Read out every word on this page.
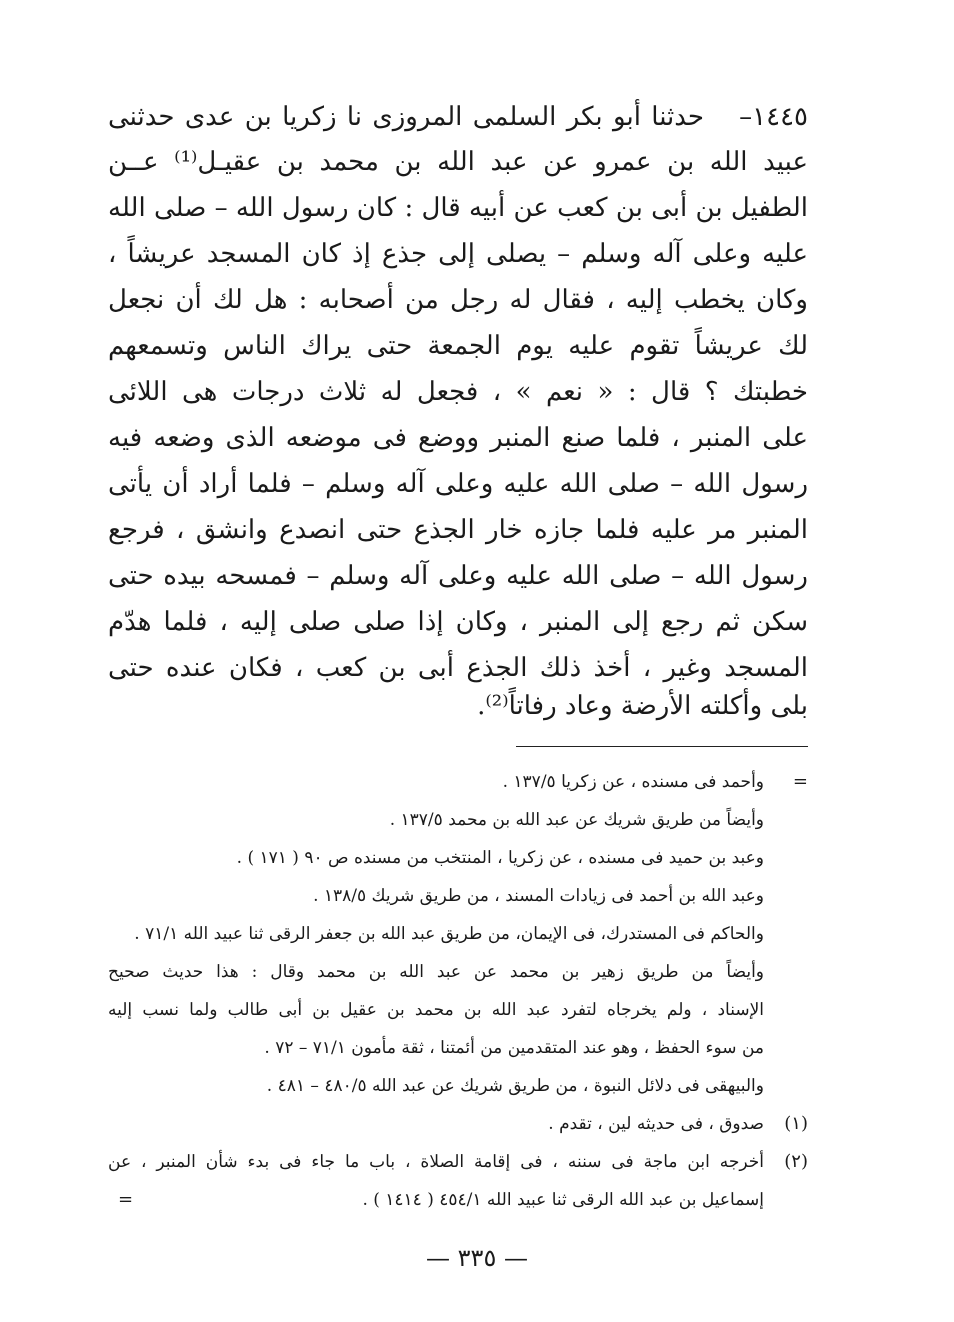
١٤٤٥–
حدثنا أبو بكر السلمى المروزى نا زكريا بن عدى حدثنى
عبيد الله بن عمرو عن عبد الله بن محمد بن عقيـل⁽¹⁾ عــن
الطفيل بن أبى بن كعب عن أبيه قال : كان رسول الله – صلى الله
عليه وعلى آله وسلم – يصلى إلى جذع إذ كان المسجد عريشاً ،
وكان يخطب إليه ، فقال له رجل من أصحابه : هل لك أن نجعل
لك عريشاً تقوم عليه يوم الجمعة حتى يراك الناس وتسمعهم
خطبتك ؟ قال : « نعم » ، فجعل له ثلاث درجات هى اللائى
على المنبر ، فلما صنع المنبر ووضع فى موضعه الذى وضعه فيه
رسول الله – صلى الله عليه وعلى آله وسلم – فلما أراد أن يأتى
المنبر مر عليه فلما جازه خار الجذع حتى انصدع وانشق ، فرجع
رسول الله – صلى الله عليه وعلى آله وسلم – فمسحه بيده حتى
سكن ثم رجع إلى المنبر ، وكان إذا صلى صلى إليه ، فلما هدّم
المسجد وغير ، أخذ ذلك الجذع أبى بن كعب ، فكان عنده حتى
بلى وأكلته الأرضة وعاد رفاتاً⁽²⁾.
=
وأحمد فى مسنده ، عن زكريا ١٣٧/٥ .
وأيضاً من طريق شريك عن عبد الله بن محمد ١٣٧/٥ .
وعبد بن حميد فى مسنده ، عن زكريا ، المنتخب من مسنده ص ٩٠ ( ١٧١ ) .
وعبد الله بن أحمد فى زيادات المسند ، من طريق شريك ١٣٨/٥ .
والحاكم فى المستدرك، فى الإيمان، من طريق عبد الله بن جعفر الرقى ثنا عبيد الله ٧١/١ .
وأيضاً من طريق زهير بن محمد عن عبد الله بن محمد وقال : هذا حديث صحيح
الإسناد ، ولم يخرجاه لتفرد عبد الله بن محمد بن عقيل بن أبى طالب ولما نسب إليه
من سوء الحفظ ، وهو عند المتقدمين من أئمتنا ، ثقة مأمون ٧١/١ – ٧٢ .
والبيهقى فى دلائل النبوة ، من طريق شريك عن عبد الله ٤٨٠/٥ – ٤٨١ .
(١)
صدوق ، فى حديثه لين ، تقدم .
(٢)
أخرجه ابن ماجة فى سننه ، فى إقامة الصلاة ، باب ما جاء فى بدء شأن المنبر ، عن
إسماعيل بن عبد الله الرقى ثنا عبيد الله ٤٥٤/١ ( ١٤١٤ ) .
=
— ٣٣٥ —
